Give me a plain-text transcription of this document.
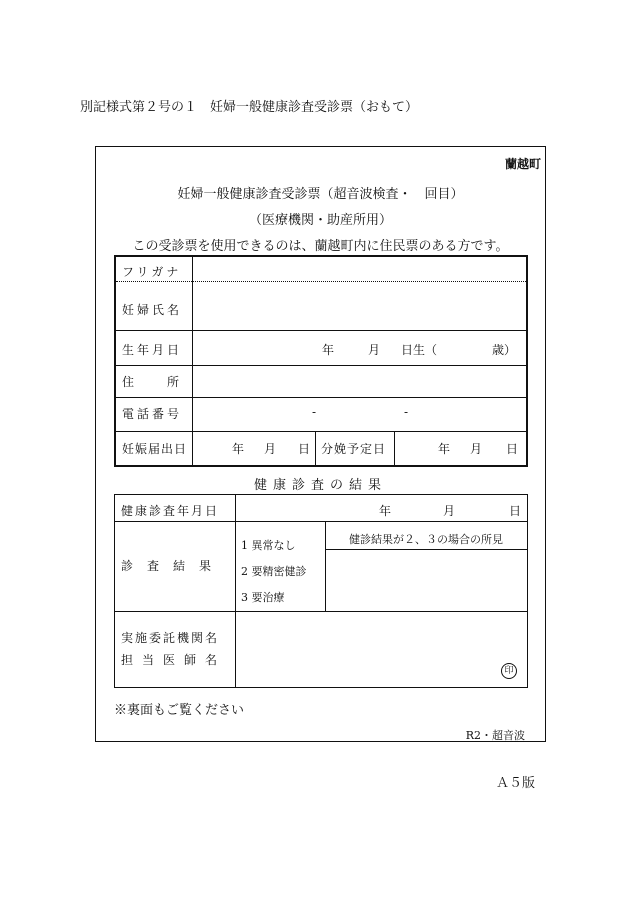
別記様式第２号の１　妊婦一般健康診査受診票（おもて）
蘭越町
妊婦一般健康診査受診票（超音波検査・　回目）
（医療機関・助産所用）
この受診票を使用できるのは、蘭越町内に住民票のある方です。
フリガナ
妊婦氏名
生年月日	年	月 日生（	歳）
住　　所
電話番号	-	-
妊娠届出日	年 月 日 分娩予定日	年 月 日
健康診査の結果
健康診査年月日	年	月	日
診　査　結　果
1 異常なし
2 要精密健診
3 要治療
健診結果が２、３の場合の所見
実施委託機関名
担当医師名
印
※裏面もご覧ください
R2・超音波
Ａ５版
